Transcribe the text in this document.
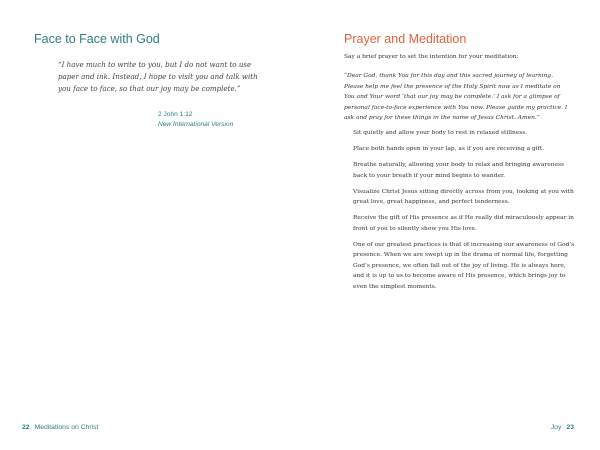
Face to Face with God

“I have much to write to you, but I do not want to use paper and ink. Instead, I hope to visit you and talk with you face to face, so that our joy may be complete.”

2 John 1:12
New International Version

22 Meditations on Christ

Prayer and Meditation

Say a brief prayer to set the intention for your meditation:

“Dear God, thank You for this day and this sacred journey of learning. Please help me feel the presence of the Holy Spirit now as I meditate on You and Your word ‘that our joy may be complete.’ I ask for a glimpse of personal face-to-face experience with You now. Please guide my practice. I ask and pray for these things in the name of Jesus Christ. Amen.”

Sit quietly and allow your body to rest in relaxed stillness.
Place both hands open in your lap, as if you are receiving a gift.
Breathe naturally, allowing your body to relax and bringing awareness back to your breath if your mind begins to wander.
Visualize Christ Jesus sitting directly across from you, looking at you with great love, great happiness, and perfect tenderness.
Receive the gift of His presence as if He really did miraculously appear in front of you to silently show you His love.
One of our greatest practices is that of increasing our awareness of God’s presence. When we are swept up in the drama of normal life, forgetting God’s presence, we often fall out of the joy of living. He is always here, and it is up to us to become aware of His presence, which brings joy to even the simplest moments.

Joy 23
